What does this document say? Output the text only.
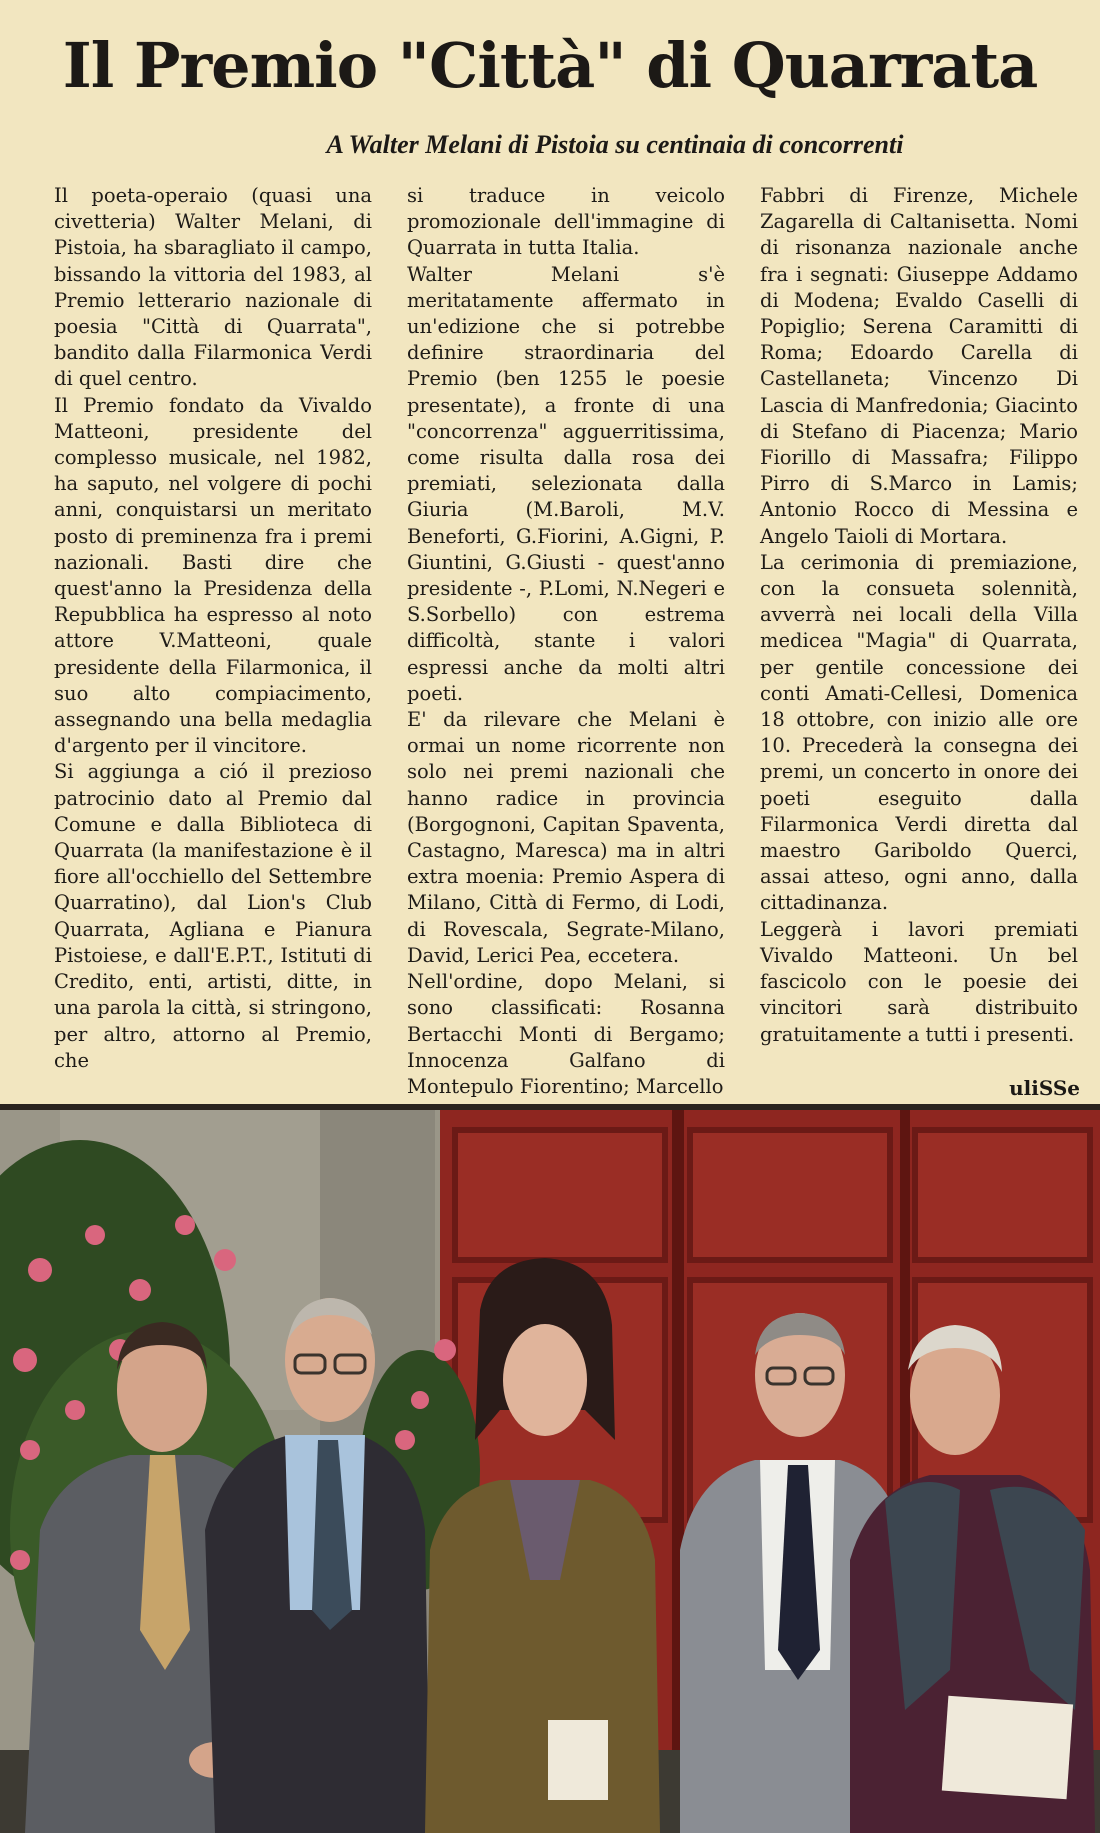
Il Premio "Città" di Quarrata
A Walter Melani di Pistoia su centinaia di concorrenti

Il poeta-operaio (quasi una civetteria) Walter Melani, di Pistoia, ha sbaragliato il campo, bissando la vittoria del 1983, al Premio letterario nazionale di poesia "Città di Quarrata", bandito dalla Filarmonica Verdi di quel centro.

Il Premio fondato da Vivaldo Matteoni, presidente del complesso musicale, nel 1982, ha saputo, nel volgere di pochi anni, conquistarsi un meritato posto di preminenza fra i premi nazionali. Basti dire che quest'anno la Presidenza della Repubblica ha espresso al noto attore V.Matteoni, quale presidente della Filarmonica, il suo alto compiacimento, assegnando una bella medaglia d'argento per il vincitore.

Si aggiunga a ció il prezioso patrocinio dato al Premio dal Comune e dalla Biblioteca di Quarrata (la manifestazione è il fiore all'occhiello del Settembre Quarratino), dal Lion's Club Quarrata, Agliana e Pianura Pistoiese, e dall'E.P.T., Istituti di Credito, enti, artisti, ditte, in una parola la città, si stringono, per altro, attorno al Premio, che

si traduce in veicolo promozionale dell'immagine di Quarrata in tutta Italia.

Walter Melani s'è meritatamente affermato in un'edizione che si potrebbe definire straordinaria del Premio (ben 1255 le poesie presentate), a fronte di una "concorrenza" agguerritissima, come risulta dalla rosa dei premiati, selezionata dalla Giuria (M.Baroli, M.V. Beneforti, G.Fiorini, A.Gigni, P. Giuntini, G.Giusti - quest'anno presidente -, P.Lomi, N.Negeri e S.Sorbello) con estrema difficoltà, stante i valori espressi anche da molti altri poeti.

E' da rilevare che Melani è ormai un nome ricorrente non solo nei premi nazionali che hanno radice in provincia (Borgognoni, Capitan Spaventa, Castagno, Maresca) ma in altri extra moenia: Premio Aspera di Milano, Città di Fermo, di Lodi, di Rovescala, Segrate-Milano, David, Lerici Pea, eccetera.

Nell'ordine, dopo Melani, si sono classificati: Rosanna Bertacchi Monti di Bergamo; Innocenza Galfano di Montepulo Fiorentino; Marcello

Fabbri di Firenze, Michele Zagarella di Caltanisetta. Nomi di risonanza nazionale anche fra i segnati: Giuseppe Addamo di Modena; Evaldo Caselli di Popiglio; Serena Caramitti di Roma; Edoardo Carella di Castellaneta; Vincenzo Di Lascia di Manfredonia; Giacinto di Stefano di Piacenza; Mario Fiorillo di Massafra; Filippo Pirro di S.Marco in Lamis; Antonio Rocco di Messina e Angelo Taioli di Mortara.

La cerimonia di premiazione, con la consueta solennità, avverrà nei locali della Villa medicea "Magia" di Quarrata, per gentile concessione dei conti Amati-Cellesi, Domenica 18 ottobre, con inizio alle ore 10. Precederà la consegna dei premi, un concerto in onore dei poeti eseguito dalla Filarmonica Verdi diretta dal maestro Gariboldo Querci, assai atteso, ogni anno, dalla cittadinanza.

Leggerà i lavori premiati Vivaldo Matteoni. Un bel fascicolo con le poesie dei vincitori sarà distribuito gratuitamente a tutti i presenti.

uliSSe
